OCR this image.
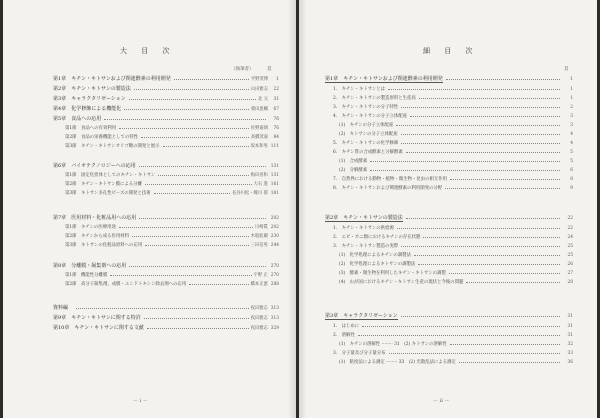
大 目 次
（執筆者）	頁
第1章　 キチン・キトサンおよび関連酵素の利用開発	平野茂博	1
第2章　 キチン・キトサンの製造法	山田雅志	22
第3章　 キャラクタリゼーション	北 元	31
第4章　 化学修飾による機能化	栗田恵輔	67
第5章　 食品への応用	76
第1節　 食品への有効利用	佐野嘉朗	76
第2節　 食品の栄養機能としての特性	高橋茂嘉	84
第3節　 キチン・キトサンオリゴ糖の開発と展示	坂本和男 111
第6章　 バイオテクノロジーへの応用	131
第1節　 固定化担体としてのキチン・キトサン	梅田喜和 131
第2節　 キチン・キトサン膜による分離	大石 進 161
第3節　 キトサン多孔性ビーズの開発と技術	長谷川松・織川 郁 181
第7章　 医用材料・化粧品用への応用	202
第1節　 キチンの医療用途	川崎眞 202
第2節　 キチンから成る医用材料	木船紘爾 230
第3節　 キトサンの化粧品原料への応用	三田信男 244
第8章　 分離膜・凝集剤への応用	270
第1節　 機能性分離膜	宇野 正 270
第2節　 高分子凝集剤，成膜・エンドトキシン除去剤への応用	橋本正憲 288
資料編　	夜田雅志 313
第9章　 キチン・キトサンに関する特許	夜田雅志 313
第10章　 キチン・キトサンに関する文献	夜田雅志 329
－ i －
細 目 次
頁
第1章　 キチン・キトサンおよび関連酵素の利用開発	1
1.　 キチン・キトサンとは	1
2.　 キチン・キトサンの製造原料と生産高	1
3.　 キチン・キトサンの分子特性	2
4.　 キチン・キトサンの分子立体配座	3
(1)　 キチンの分子立体配座	3
(2)　 キトサンの分子立体配座	4
5.　 キチン・キトサンの化学修飾	4
6.　 キチン質の合成酵素と分解酵素	5
(1)　 合成酵素	5
(2)　 分解酵素	6
7.　 自然界における動物・植物・微生物・昆虫の相互作用	8
8.　 キチン・キトサンおよび関連酵素の利用開発の分野	9
第2章　 キチン・キトサンの製造法	22
1.　 キチン・キトサンの供給源	22
2.　 エビ・カニ類におけるキチンの存在状態	24
3.　 キチン・キトサン製造の実際	25
(1)　 化学処理によるキチンの調製法	25
(2)　 化学処理によるキトサンの調製法	26
(3)　 酵素・微生物を利用したキチン・キトサンの調製	27
(4)　 わが国におけるキチン・キトサン生産の現状と今後の問題	28
第3章　 キャラクタリゼーション	31
1.　 はじめに	31
2.　 溶解性	31
(1)　 キチンの溶解性 ········ 31　(2) キトサンの溶解性	32
3.　 分子量及び分子量分布	33
(1)　 粘度法による測定 ········ 33　(2) 光散乱法による測定	36
－ ii －
